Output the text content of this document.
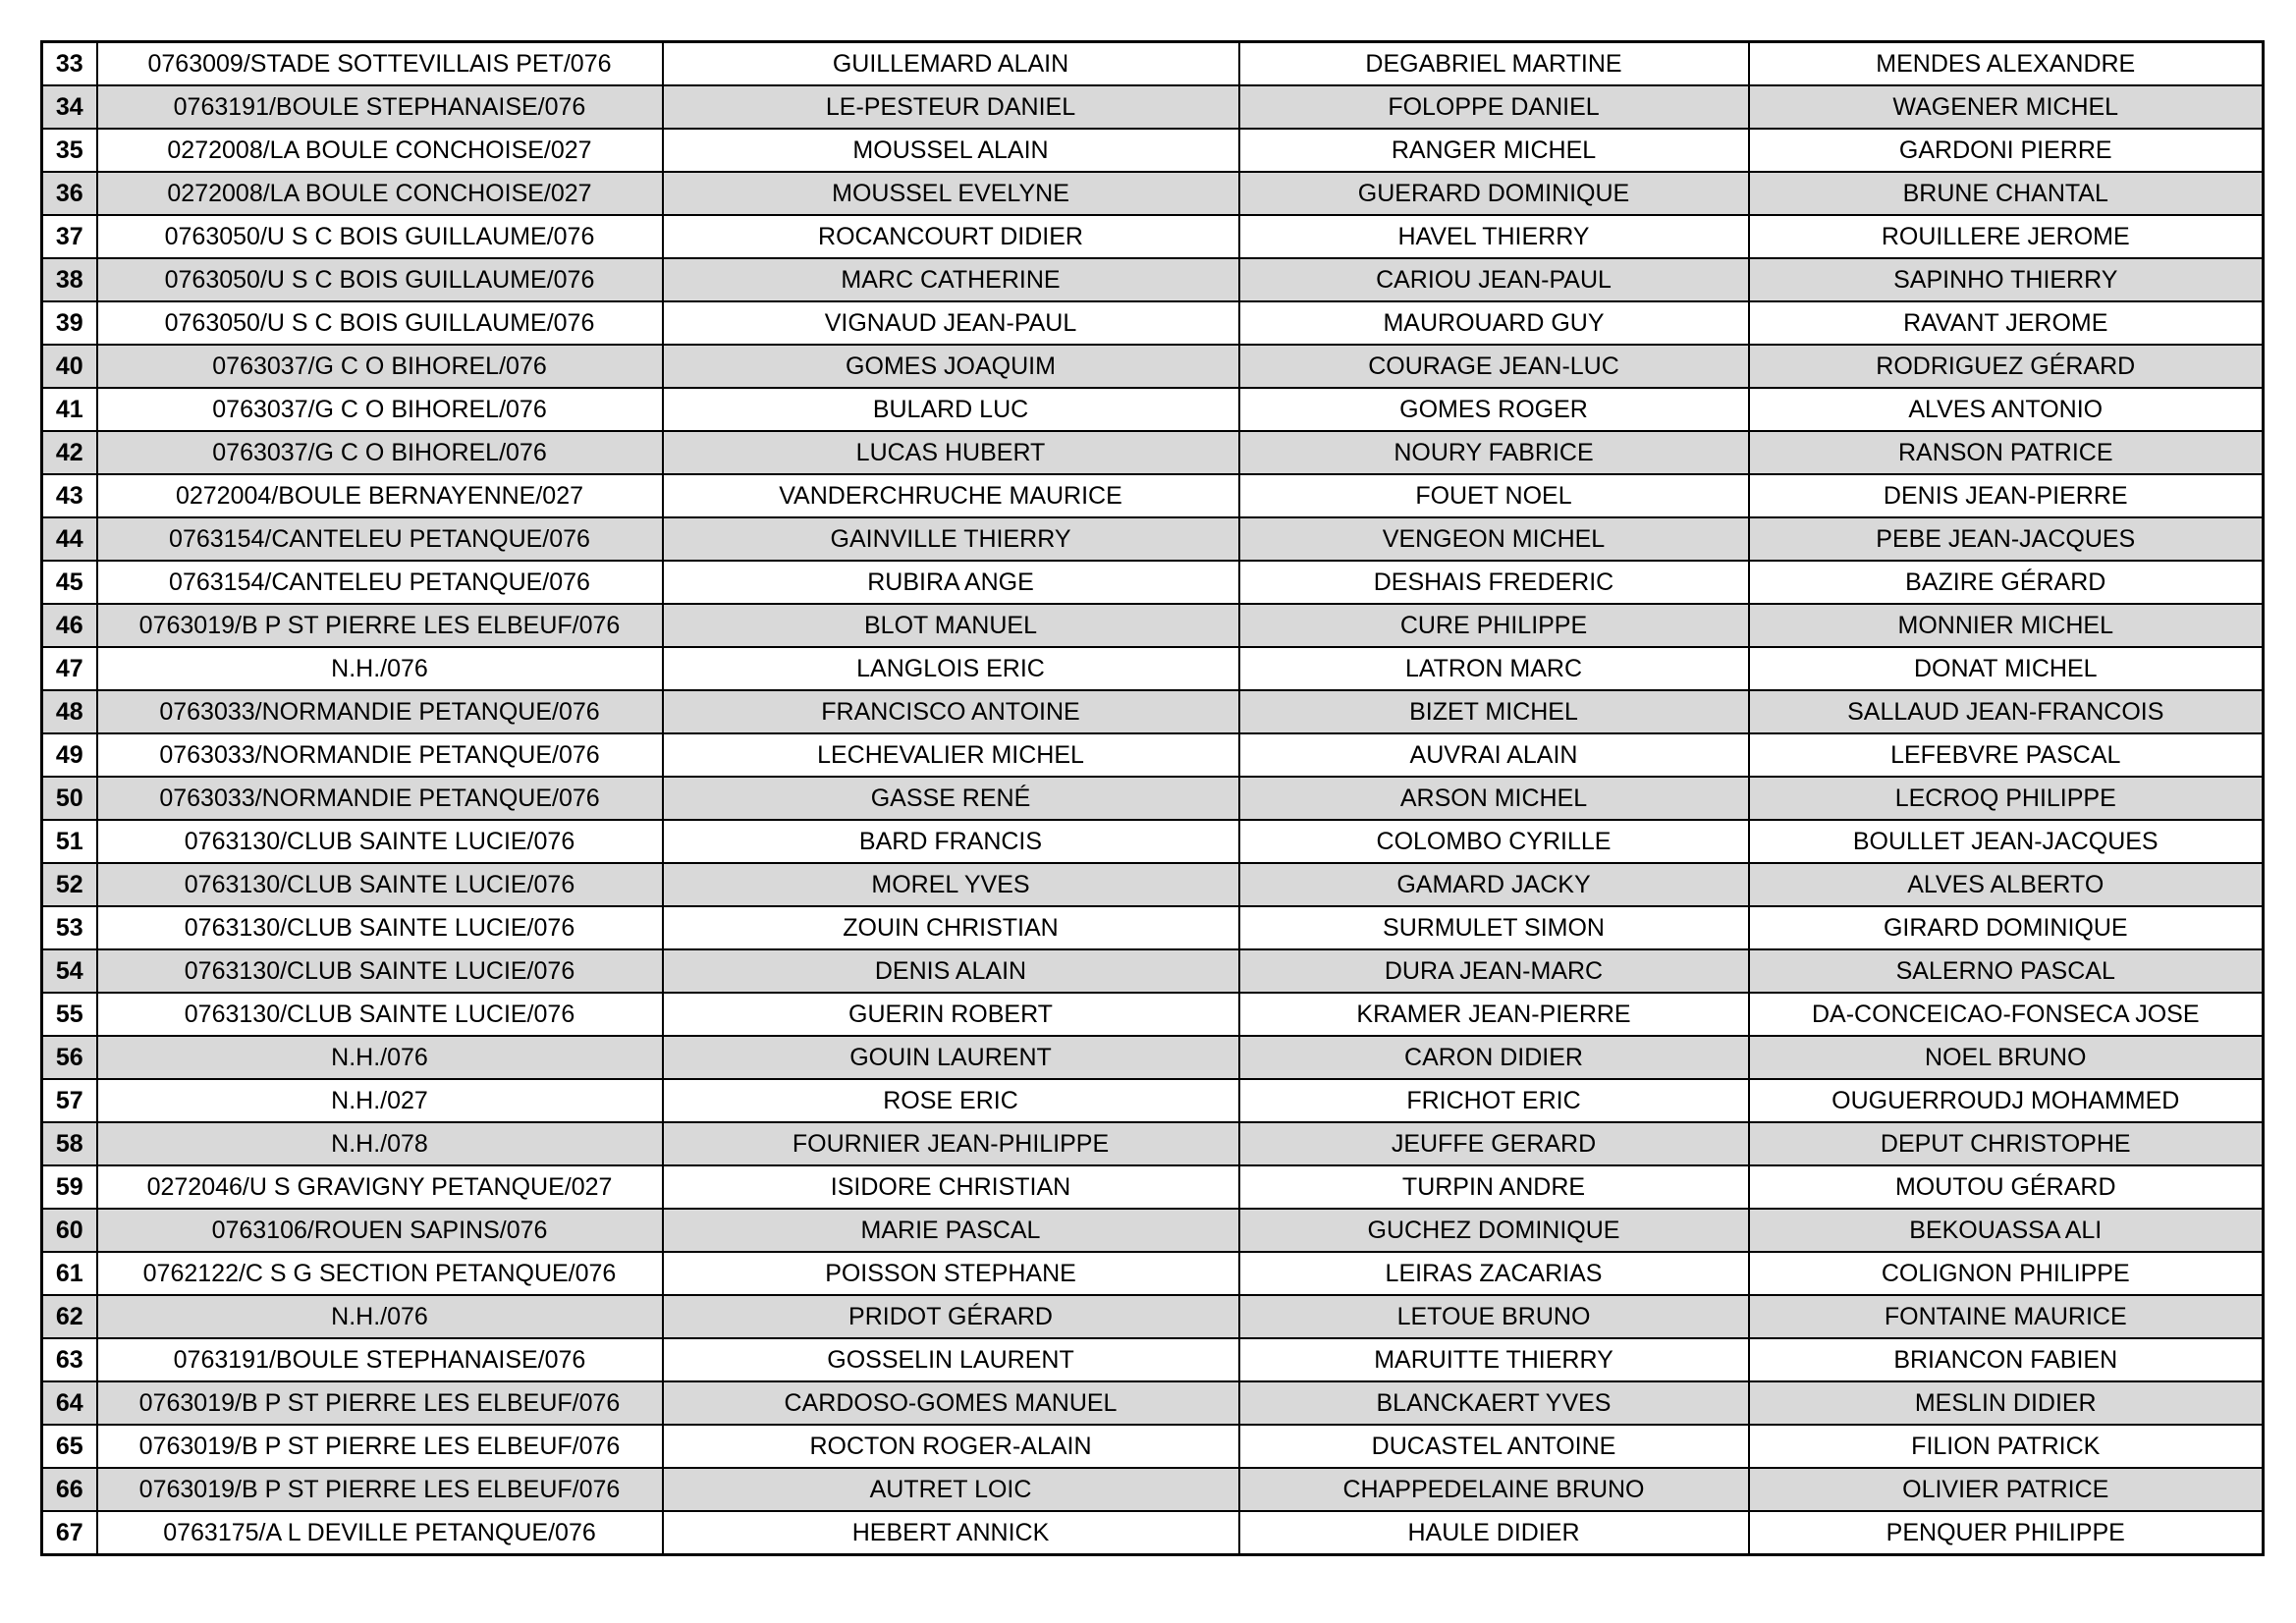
33	0763009/STADE SOTTEVILLAIS PET/076	GUILLEMARD ALAIN	DEGABRIEL MARTINE	MENDES ALEXANDRE
34	0763191/BOULE STEPHANAISE/076	LE-PESTEUR DANIEL	FOLOPPE DANIEL	WAGENER MICHEL
35	0272008/LA BOULE CONCHOISE/027	MOUSSEL ALAIN	RANGER MICHEL	GARDONI PIERRE
36	0272008/LA BOULE CONCHOISE/027	MOUSSEL EVELYNE	GUERARD DOMINIQUE	BRUNE CHANTAL
37	0763050/U S C BOIS GUILLAUME/076	ROCANCOURT DIDIER	HAVEL THIERRY	ROUILLERE JEROME
38	0763050/U S C BOIS GUILLAUME/076	MARC CATHERINE	CARIOU JEAN-PAUL	SAPINHO THIERRY
39	0763050/U S C BOIS GUILLAUME/076	VIGNAUD JEAN-PAUL	MAUROUARD GUY	RAVANT JEROME
40	0763037/G C O BIHOREL/076	GOMES JOAQUIM	COURAGE JEAN-LUC	RODRIGUEZ GÉRARD
41	0763037/G C O BIHOREL/076	BULARD LUC	GOMES ROGER	ALVES ANTONIO
42	0763037/G C O BIHOREL/076	LUCAS HUBERT	NOURY FABRICE	RANSON PATRICE
43	0272004/BOULE BERNAYENNE/027	VANDERCHRUCHE MAURICE	FOUET NOEL	DENIS JEAN-PIERRE
44	0763154/CANTELEU PETANQUE/076	GAINVILLE THIERRY	VENGEON MICHEL	PEBE JEAN-JACQUES
45	0763154/CANTELEU PETANQUE/076	RUBIRA ANGE	DESHAIS FREDERIC	BAZIRE GÉRARD
46	0763019/B P ST PIERRE LES ELBEUF/076	BLOT MANUEL	CURE PHILIPPE	MONNIER MICHEL
47	N.H./076	LANGLOIS ERIC	LATRON MARC	DONAT MICHEL
48	0763033/NORMANDIE PETANQUE/076	FRANCISCO ANTOINE	BIZET MICHEL	SALLAUD JEAN-FRANCOIS
49	0763033/NORMANDIE PETANQUE/076	LECHEVALIER MICHEL	AUVRAI ALAIN	LEFEBVRE PASCAL
50	0763033/NORMANDIE PETANQUE/076	GASSE RENÉ	ARSON MICHEL	LECROQ PHILIPPE
51	0763130/CLUB SAINTE LUCIE/076	BARD FRANCIS	COLOMBO CYRILLE	BOULLET JEAN-JACQUES
52	0763130/CLUB SAINTE LUCIE/076	MOREL YVES	GAMARD JACKY	ALVES ALBERTO
53	0763130/CLUB SAINTE LUCIE/076	ZOUIN CHRISTIAN	SURMULET SIMON	GIRARD DOMINIQUE
54	0763130/CLUB SAINTE LUCIE/076	DENIS ALAIN	DURA JEAN-MARC	SALERNO PASCAL
55	0763130/CLUB SAINTE LUCIE/076	GUERIN ROBERT	KRAMER JEAN-PIERRE	DA-CONCEICAO-FONSECA JOSE
56	N.H./076	GOUIN LAURENT	CARON DIDIER	NOEL BRUNO
57	N.H./027	ROSE ERIC	FRICHOT ERIC	OUGUERROUDJ MOHAMMED
58	N.H./078	FOURNIER JEAN-PHILIPPE	JEUFFE GERARD	DEPUT CHRISTOPHE
59	0272046/U S GRAVIGNY PETANQUE/027	ISIDORE CHRISTIAN	TURPIN ANDRE	MOUTOU GÉRARD
60	0763106/ROUEN SAPINS/076	MARIE PASCAL	GUCHEZ DOMINIQUE	BEKOUASSA ALI
61	0762122/C S G SECTION PETANQUE/076	POISSON STEPHANE	LEIRAS ZACARIAS	COLIGNON PHILIPPE
62	N.H./076	PRIDOT GÉRARD	LETOUE BRUNO	FONTAINE MAURICE
63	0763191/BOULE STEPHANAISE/076	GOSSELIN LAURENT	MARUITTE THIERRY	BRIANCON FABIEN
64	0763019/B P ST PIERRE LES ELBEUF/076	CARDOSO-GOMES MANUEL	BLANCKAERT YVES	MESLIN DIDIER
65	0763019/B P ST PIERRE LES ELBEUF/076	ROCTON ROGER-ALAIN	DUCASTEL ANTOINE	FILION PATRICK
66	0763019/B P ST PIERRE LES ELBEUF/076	AUTRET LOIC	CHAPPEDELAINE BRUNO	OLIVIER PATRICE
67	0763175/A L DEVILLE PETANQUE/076	HEBERT ANNICK	HAULE DIDIER	PENQUER PHILIPPE
